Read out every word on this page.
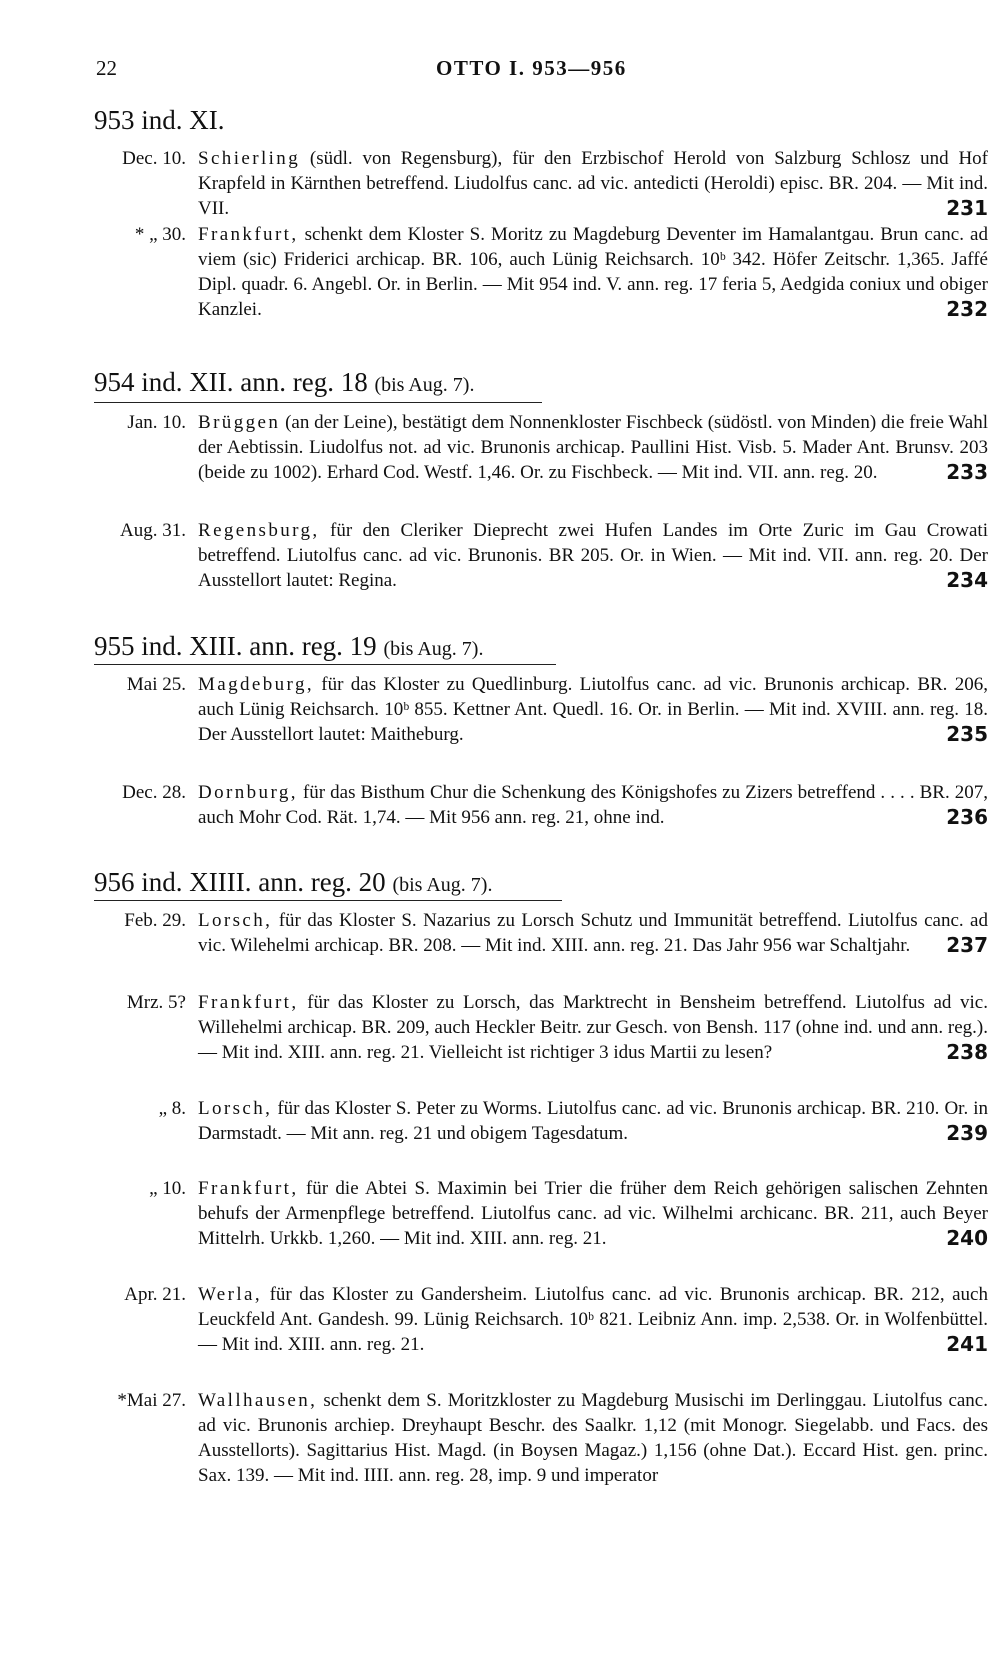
22	OTTO I. 953—956
953 ind. XI.
Dec. 10. Schierling (südl. von Regensburg), für den Erzbischof Herold von Salzburg Schlosz und Hof Krapfeld in Kärnthen betreffend. Liudolfus canc. ad vic. antedicti (Heroldi) episc. BR. 204. — Mit ind. VII.	231
* „ 30. Frankfurt, schenkt dem Kloster S. Moritz zu Magdeburg Deventer im Hamalantgau. Brun canc. ad viem (sic) Friderici archicap. BR. 106, auch Lünig Reichsarch. 10ᵇ 342. Höfer Zeitschr. 1,365. Jaffé Dipl. quadr. 6. Angebl. Or. in Berlin. — Mit 954 ind. V. ann. reg. 17 feria 5, Aedgida coniux und obiger Kanzlei.	232
954 ind. XII. ann. reg. 18 (bis Aug. 7).
Jan. 10. Brüggen (an der Leine), bestätigt dem Nonnenkloster Fischbeck (südöstl. von Minden) die freie Wahl der Aebtissin. Liudolfus not. ad vic. Brunonis archicap. Paullini Hist. Visb. 5. Mader Ant. Brunsv. 203 (beide zu 1002). Erhard Cod. Westf. 1,46. Or. zu Fischbeck. — Mit ind. VII. ann. reg. 20.	233
Aug. 31. Regensburg, für den Cleriker Dieprecht zwei Hufen Landes im Orte Zuric im Gau Crowati betreffend. Liutolfus canc. ad vic. Brunonis. BR 205. Or. in Wien. — Mit ind. VII. ann. reg. 20. Der Ausstellort lautet: Regina.	234
955 ind. XIII. ann. reg. 19 (bis Aug. 7).
Mai 25. Magdeburg, für das Kloster zu Quedlinburg. Liutolfus canc. ad vic. Brunonis archicap. BR. 206, auch Lünig Reichsarch. 10ᵇ 855. Kettner Ant. Quedl. 16. Or. in Berlin. — Mit ind. XVIII. ann. reg. 18. Der Ausstellort lautet: Maitheburg.	235
Dec. 28. Dornburg, für das Bisthum Chur die Schenkung des Königshofes zu Zizers betreffend . . . . BR. 207, auch Mohr Cod. Rät. 1,74. — Mit 956 ann. reg. 21, ohne ind.	236
956 ind. XIIII. ann. reg. 20 (bis Aug. 7).
Feb. 29. Lorsch, für das Kloster S. Nazarius zu Lorsch Schutz und Immunität betreffend. Liutolfus canc. ad vic. Wilehelmi archicap. BR. 208. — Mit ind. XIII. ann. reg. 21. Das Jahr 956 war Schaltjahr. 237
Mrz. 5? Frankfurt, für das Kloster zu Lorsch, das Marktrecht in Bensheim betreffend. Liutolfus ad vic. Willehelmi archicap. BR. 209, auch Heckler Beitr. zur Gesch. von Bensh. 117 (ohne ind. und ann. reg.). — Mit ind. XIII. ann. reg. 21. Vielleicht ist richtiger 3 idus Martii zu lesen?	238
„ 8. Lorsch, für das Kloster S. Peter zu Worms. Liutolfus canc. ad vic. Brunonis archicap. BR. 210. Or. in Darmstadt. — Mit ann. reg. 21 und obigem Tagesdatum.	239
„ 10. Frankfurt, für die Abtei S. Maximin bei Trier die früher dem Reich gehörigen salischen Zehnten behufs der Armenpflege betreffend. Liutolfus canc. ad vic. Wilhelmi archicanc. BR. 211, auch Beyer Mittelrh. Urkkb. 1,260. — Mit ind. XIII. ann. reg. 21.	240
Apr. 21. Werla, für das Kloster zu Gandersheim. Liutolfus canc. ad vic. Brunonis archicap. BR. 212, auch Leuckfeld Ant. Gandesh. 99. Lünig Reichsarch. 10ᵇ 821. Leibniz Ann. imp. 2,538. Or. in Wolfenbüttel. — Mit ind. XIII. ann. reg. 21.	241
*Mai 27. Wallhausen, schenkt dem S. Moritzkloster zu Magdeburg Musischi im Derlinggau. Liutolfus canc. ad vic. Brunonis archiep. Dreyhaupt Beschr. des Saalkr. 1,12 (mit Monogr. Siegelabb. und Facs. des Ausstellorts). Sagittarius Hist. Magd. (in Boysen Magaz.) 1,156 (ohne Dat.). Eccard Hist. gen. princ. Sax. 139. — Mit ind. IIII. ann. reg. 28, imp. 9 und imperator
